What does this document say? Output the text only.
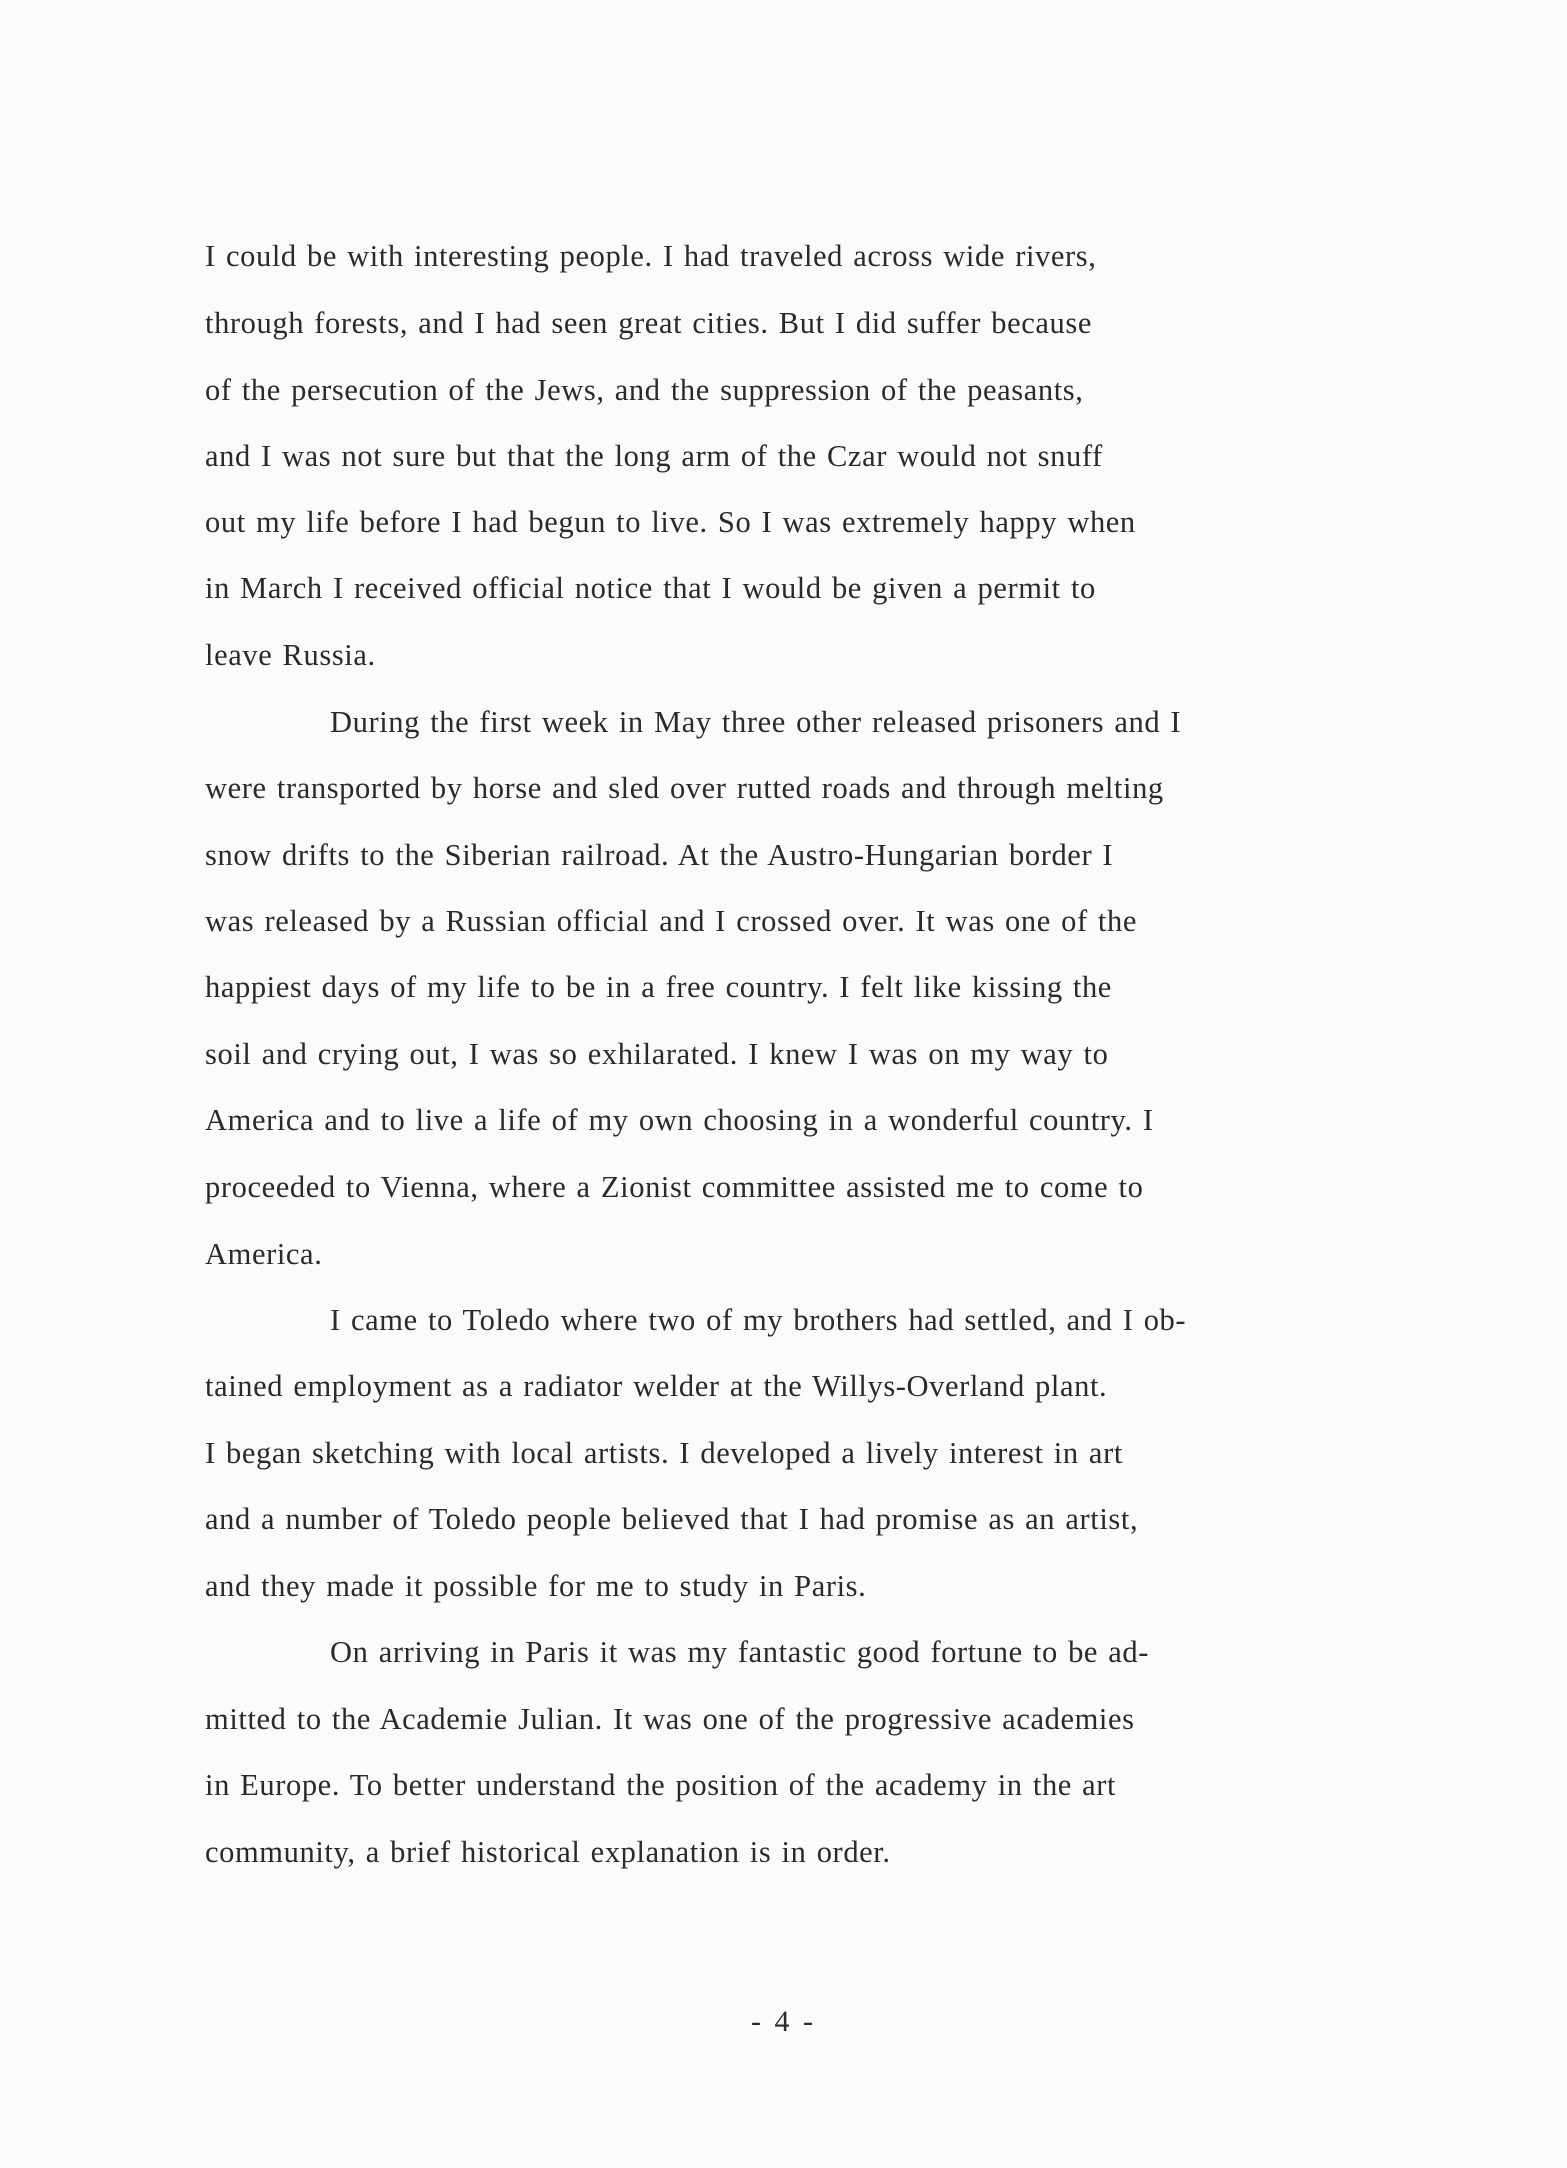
I could be with interesting people. I had traveled across wide rivers,
through forests, and I had seen great cities. But I did suffer because
of the persecution of the Jews, and the suppression of the peasants,
and I was not sure but that the long arm of the Czar would not snuff
out my life before I had begun to live. So I was extremely happy when
in March I received official notice that I would be given a permit to
leave Russia.
During the first week in May three other released prisoners and I
were transported by horse and sled over rutted roads and through melting
snow drifts to the Siberian railroad. At the Austro-Hungarian border I
was released by a Russian official and I crossed over. It was one of the
happiest days of my life to be in a free country. I felt like kissing the
soil and crying out, I was so exhilarated. I knew I was on my way to
America and to live a life of my own choosing in a wonderful country. I
proceeded to Vienna, where a Zionist committee assisted me to come to
America.
I came to Toledo where two of my brothers had settled, and I ob-
tained employment as a radiator welder at the Willys-Overland plant.
I began sketching with local artists. I developed a lively interest in art
and a number of Toledo people believed that I had promise as an artist,
and they made it possible for me to study in Paris.
On arriving in Paris it was my fantastic good fortune to be ad-
mitted to the Academie Julian. It was one of the progressive academies
in Europe. To better understand the position of the academy in the art
community, a brief historical explanation is in order.
- 4 -
